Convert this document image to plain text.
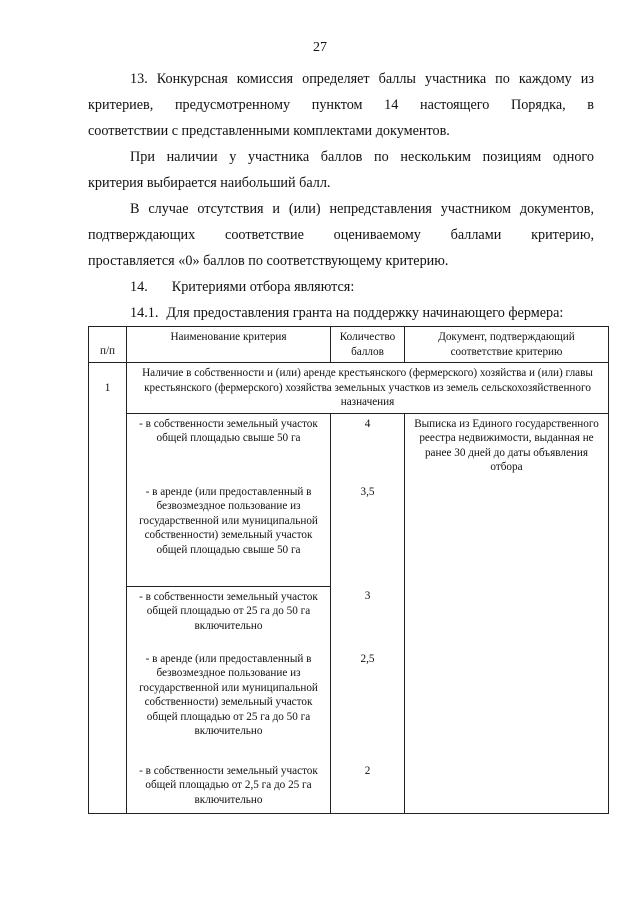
27
13. Конкурсная комиссия определяет баллы участника по каждому из
критериев, предусмотренному пунктом 14 настоящего Порядка, в
соответствии с представленными комплектами документов.
При наличии у участника баллов по нескольким позициям одного
критерия выбирается наибольший балл.
В случае отсутствия и (или) непредставления участником документов,
подтверждающих соответствие оцениваемому баллами критерию,
проставляется «0» баллов по соответствующему критерию.
14. Критериями отбора являются:
14.1. Для предоставления гранта на поддержку начинающего фермера:
п/п	Наименование критерия	Количество баллов	Документ, подтверждающий соответствие критерию
1	Наличие в собственности и (или) аренде крестьянского (фермерского) хозяйства и (или) главы крестьянского (фермерского) хозяйства земельных участков из земель сельскохозяйственного назначения		
	- в собственности земельный участок общей площадью свыше 50 га	4	Выписка из Единого государственного реестра недвижимости, выданная не ранее 30 дней до даты объявления отбора
	- в аренде (или предоставленный в безвозмездное пользование из государственной или муниципальной собственности) земельный участок общей площадью свыше 50 га	3,5	
	- в собственности земельный участок общей площадью от 25 га до 50 га включительно	3	
	- в аренде (или предоставленный в безвозмездное пользование из государственной или муниципальной собственности) земельный участок общей площадью от 25 га до 50 га включительно	2,5	
	- в собственности земельный участок общей площадью от 2,5 га до 25 га включительно	2	
